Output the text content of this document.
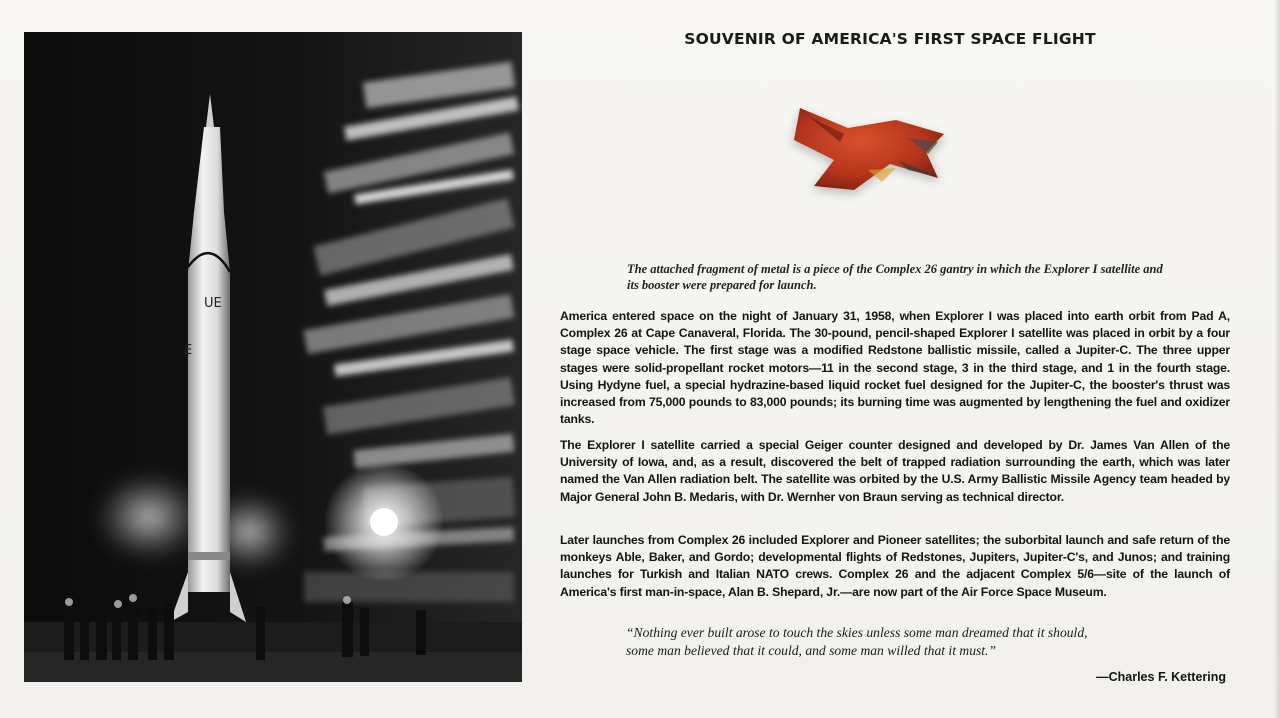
UE
E
SOUVENIR OF AMERICA'S FIRST SPACE FLIGHT
The attached fragment of metal is a piece of the Complex 26 gantry in which the Explorer I satellite and its booster were prepared for launch.
America entered space on the night of January 31, 1958, when Explorer I was placed into earth orbit from Pad A, Complex 26 at Cape Canaveral, Florida. The 30-pound, pencil-shaped Explorer I satellite was placed in orbit by a four stage space vehicle. The first stage was a modified Redstone ballistic missile, called a Jupiter-C. The three upper stages were solid-propellant rocket motors—11 in the second stage, 3 in the third stage, and 1 in the fourth stage. Using Hydyne fuel, a special hydrazine-based liquid rocket fuel designed for the Jupiter-C, the booster's thrust was increased from 75,000 pounds to 83,000 pounds; its burning time was augmented by lengthening the fuel and oxidizer tanks.
The Explorer I satellite carried a special Geiger counter designed and developed by Dr. James Van Allen of the University of Iowa, and, as a result, discovered the belt of trapped radiation surrounding the earth, which was later named the Van Allen radiation belt. The satellite was orbited by the U.S. Army Ballistic Missile Agency team headed by Major General John B. Medaris, with Dr. Wernher von Braun serving as technical director.
Later launches from Complex 26 included Explorer and Pioneer satellites; the suborbital launch and safe return of the monkeys Able, Baker, and Gordo; developmental flights of Redstones, Jupiters, Jupiter-C's, and Junos; and training launches for Turkish and Italian NATO crews. Complex 26 and the adjacent Complex 5/6—site of the launch of America's first man-in-space, Alan B. Shepard, Jr.—are now part of the Air Force Space Museum.
“Nothing ever built arose to touch the skies unless some man dreamed that it should,
some man believed that it could, and some man willed that it must.”
—Charles F. Kettering
